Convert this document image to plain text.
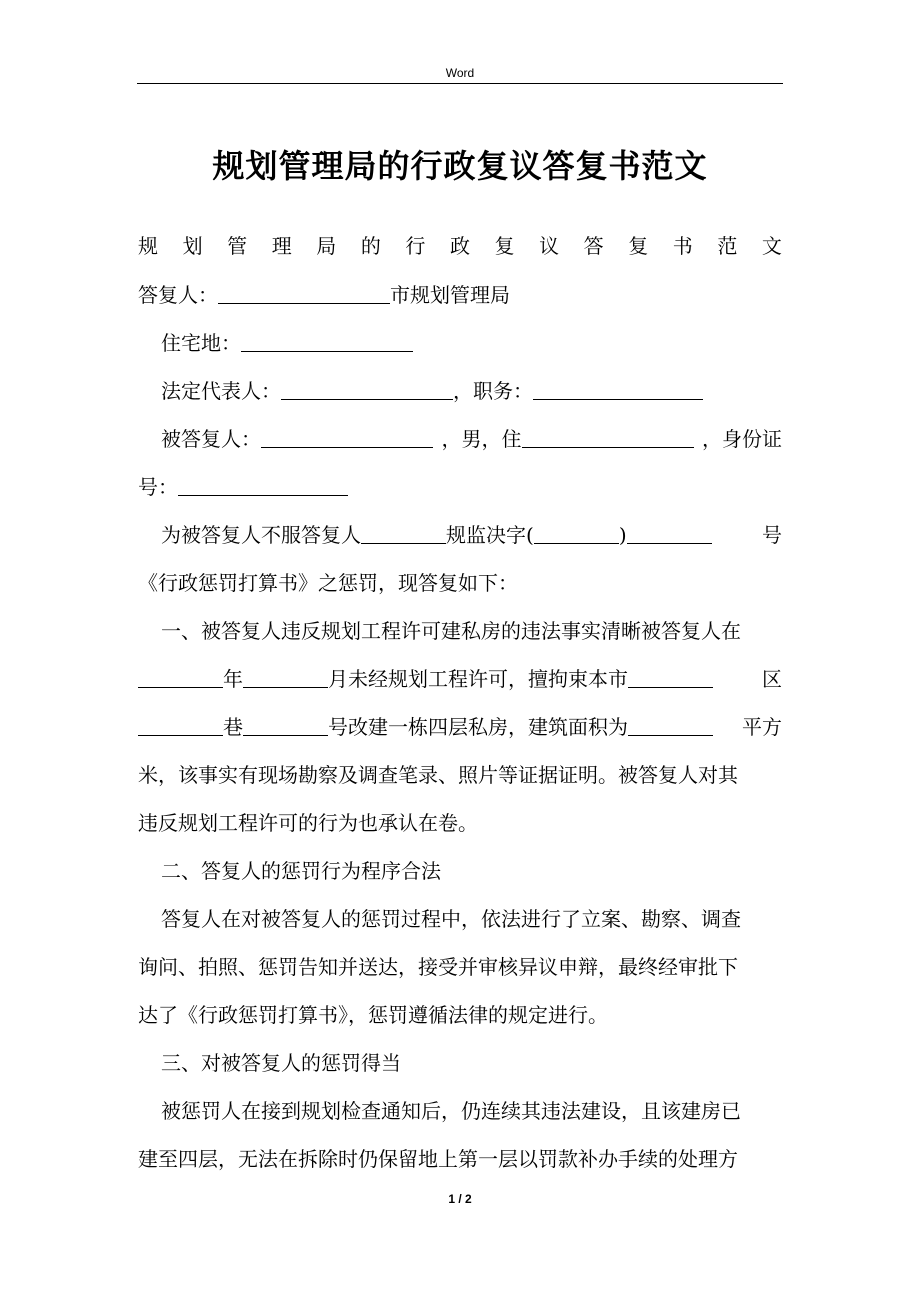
Word
规划管理局的行政复议答复书范文
规 划 管 理 局 的 行 政 复 议 答 复 书 范 文
答复人：	市规划管理局
住宅地：
法定代表人：	，职务：
被答复人：	，男，住	，身份证
号：
为被答复人不服答复人	规监决字(	)	号
《行政惩罚打算书》之惩罚，现答复如下：
一、被答复人违反规划工程许可建私房的违法事实清晰被答复人在
年	月未经规划工程许可，擅拘束本市	区
巷	号改建一栋四层私房，建筑面积为	平方
米，该事实有现场勘察及调查笔录、照片等证据证明。被答复人对其
违反规划工程许可的行为也承认在卷。
二、答复人的惩罚行为程序合法
答复人在对被答复人的惩罚过程中，依法进行了立案、勘察、调查
询问、拍照、惩罚告知并送达，接受并审核异议申辩，最终经审批下
达了《行政惩罚打算书》，惩罚遵循法律的规定进行。
三、对被答复人的惩罚得当
被惩罚人在接到规划检查通知后，仍连续其违法建设，且该建房已
建至四层，无法在拆除时仍保留地上第一层以罚款补办手续的处理方
1 / 2
